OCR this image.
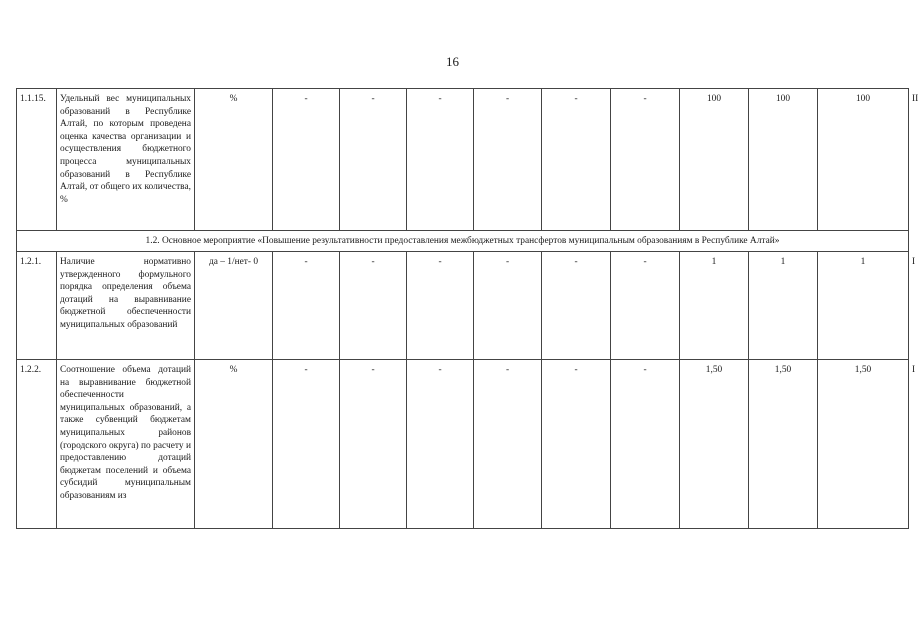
16
1.1.15.	Удельный вес муниципальных образований в Республике Алтай, по которым проведена оценка качества организации и осуществления бюджетного процесса муниципальных образований в Республике Алтай, от общего их количества, %	%	-	-	-	-	-	-	100	100	100	II
1.2. Основное мероприятие «Повышение результативности предоставления межбюджетных трансфертов муниципальным образованиям в Республике Алтай»												
1.2.1.	Наличие нормативно утвержденного формульного порядка определения объема дотаций на выравнивание бюджетной обеспеченности муниципальных образований	да – 1/нет- 0	-	-	-	-	-	-	1	1	1	I
1.2.2.	Соотношение объема дотаций на выравнивание бюджетной обеспеченности муниципальных образований, а также субвенций бюджетам муниципальных районов (городского округа) по расчету и предоставлению дотаций бюджетам поселений и объема субсидий муниципальным образованиям из	%	-	-	-	-	-	-	1,50	1,50	1,50	I
